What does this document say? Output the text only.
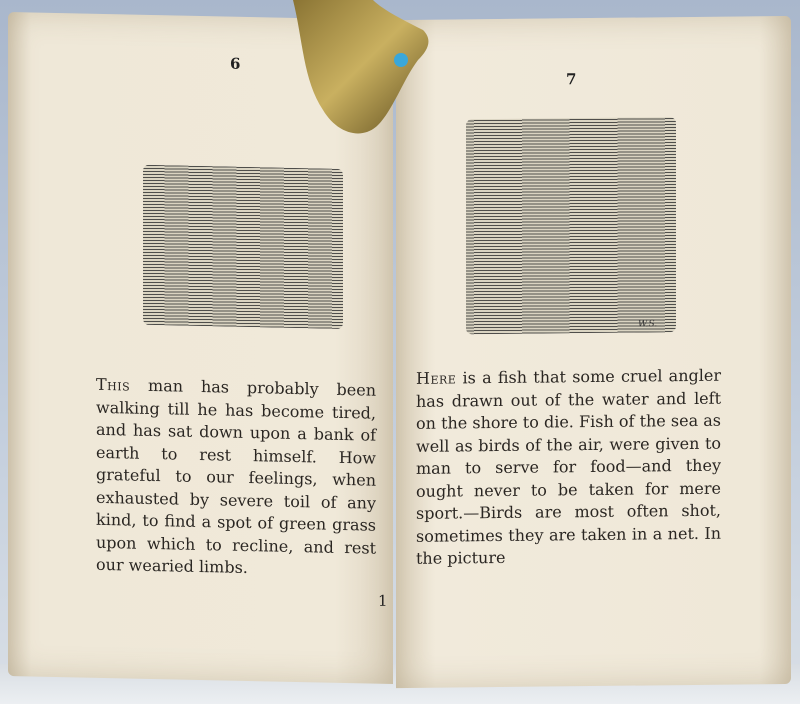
6
This man has probably been walking till he has become tired, and has sat down upon a bank of earth to rest himself. How grateful to our feelings, when exhausted by severe toil of any kind, to find a spot of green grass upon which to recline, and rest our wearied limbs.
1
7
W.S.
Here is a fish that some cruel angler has drawn out of the water and left on the shore to die. Fish of the sea as well as birds of the air, were given to man to serve for food—and they ought never to be taken for mere sport.—Birds are most often shot, sometimes they are taken in a net. In the picture
